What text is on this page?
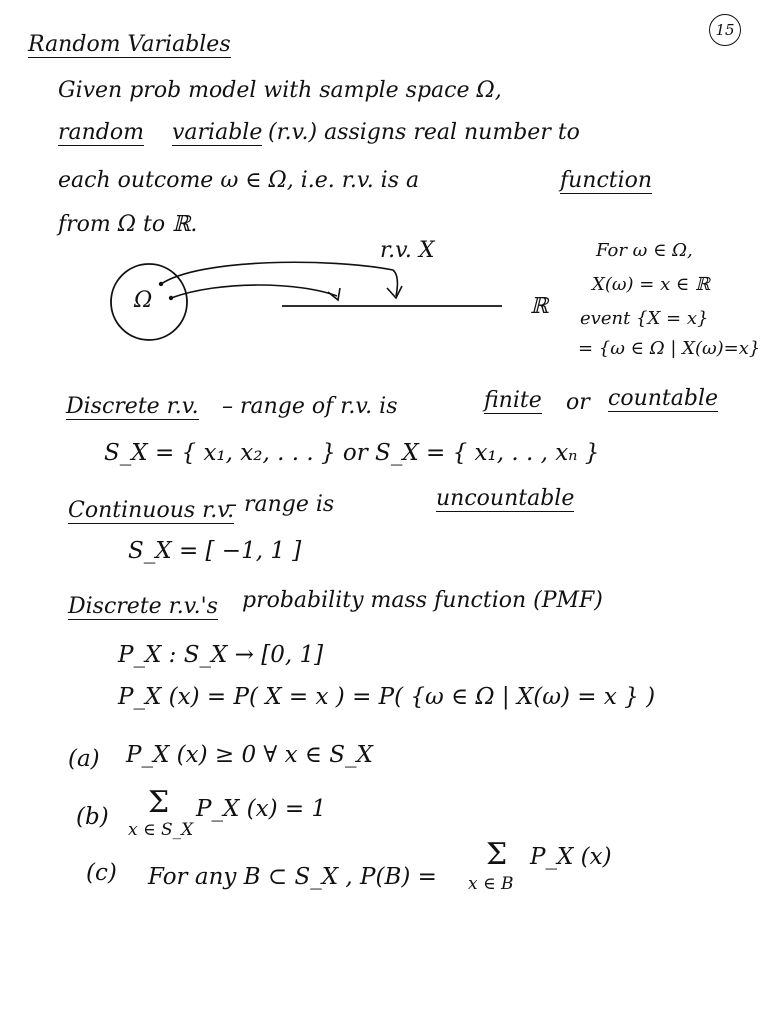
15
Random Variables
Given prob model with sample space Ω,
random variable (r.v.) assigns real number to
each outcome ω ∈ Ω, i.e. r.v. is a	function
from Ω to ℝ.
Ω
r.v. X
ℝ
For ω ∈ Ω,
X(ω) = x ∈ ℝ
event {X = x}
= {ω ∈ Ω | X(ω)=x}
Discrete r.v. – range of r.v. is	finite or countable
S_X = { x₁, x₂, . . . } or S_X = { x₁, . . , xₙ }
Continuous r.v.
– range is	uncountable
S_X = [ −1, 1 ]
Discrete r.v.'s probability mass function (PMF)
P_X : S_X → [0, 1]
P_X (x) = P( X = x ) = P( {ω ∈ Ω | X(ω) = x } )
(a) P_X (x) ≥ 0 ∀ x ∈ S_X
(b) Σ
x ∈ S_X
P_X (x) = 1
(c) For any B ⊂ S_X , P(B) =
Σ
x ∈ B
P_X (x)
